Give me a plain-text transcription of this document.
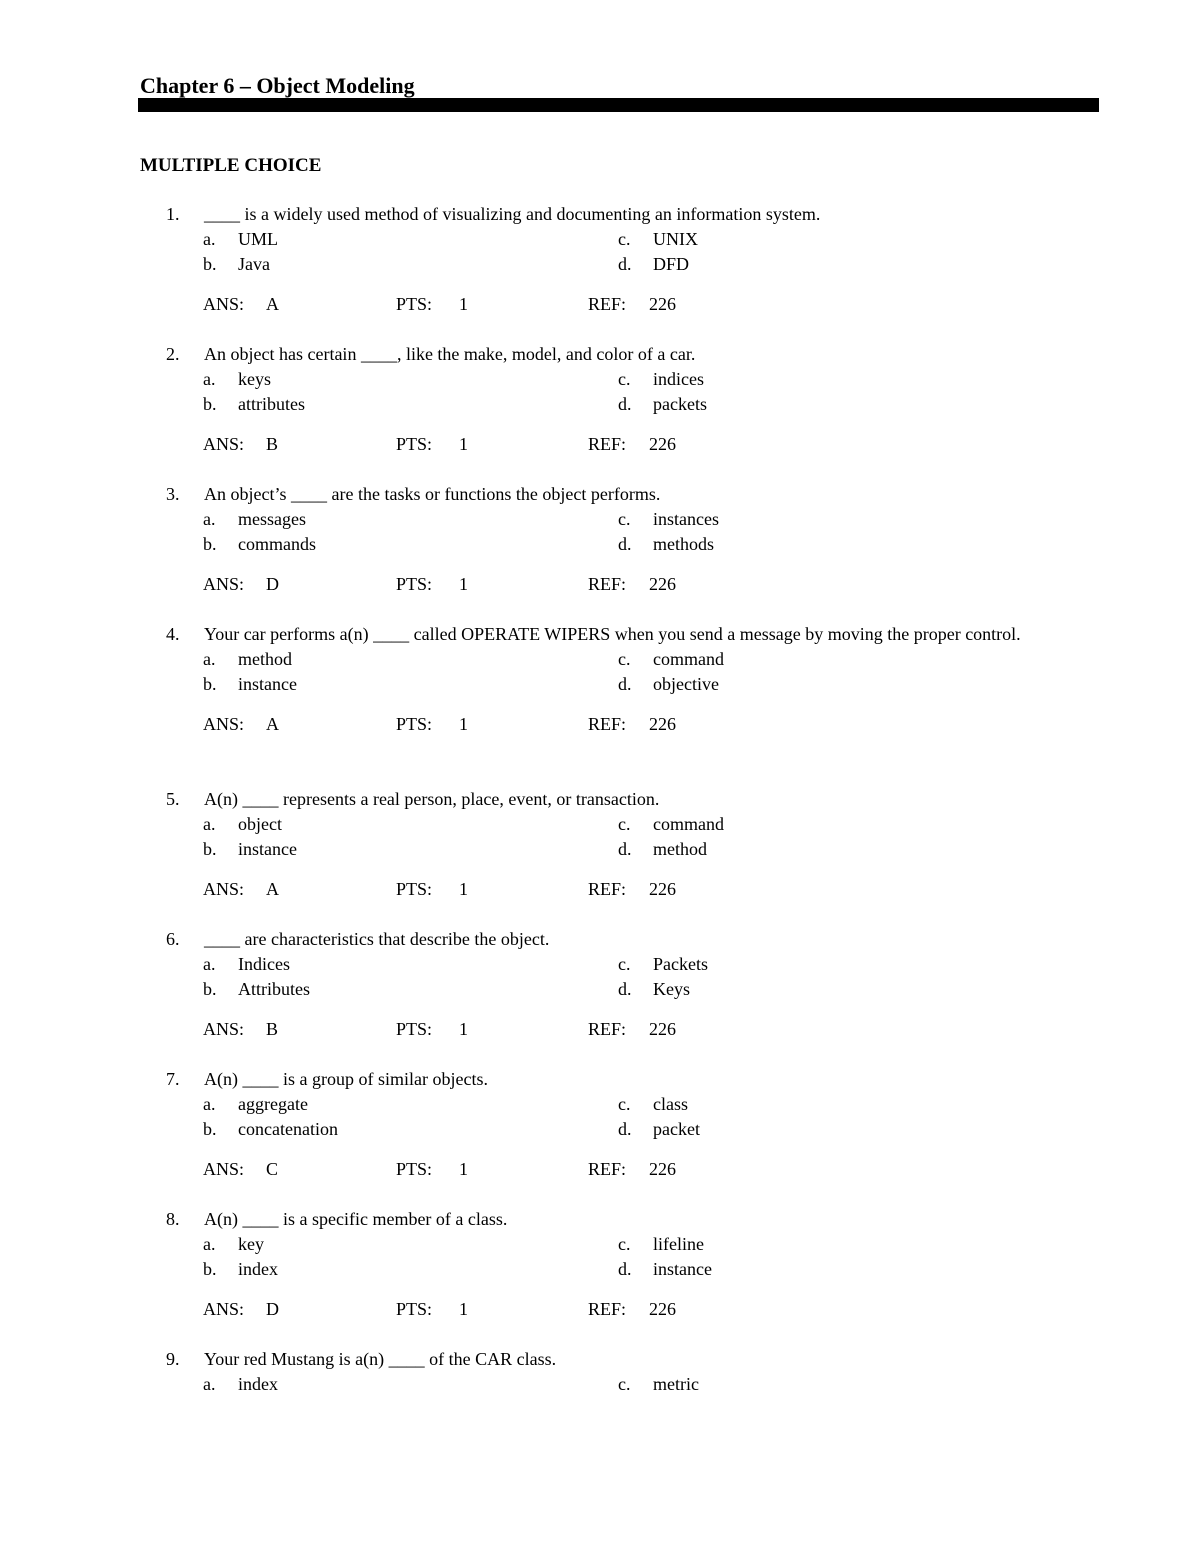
Chapter 6 – Object Modeling
MULTIPLE CHOICE
1.	____ is a widely used method of visualizing and documenting an information system.
a. UML
b. Java
c. UNIX
d. DFD
ANS: A	PTS: 1	REF: 226
2.	An object has certain ____, like the make, model, and color of a car.
a. keys
b. attributes
c. indices
d. packets
ANS: B	PTS: 1	REF: 226
3.	An object’s ____ are the tasks or functions the object performs.
a. messages
b. commands
c. instances
d. methods
ANS: D	PTS: 1	REF: 226
4.	Your car performs a(n) ____ called OPERATE WIPERS when you send a message by moving the proper control.
a. method
b. instance
c. command
d. objective
ANS: A	PTS: 1	REF: 226
5.	A(n) ____ represents a real person, place, event, or transaction.
a. object
b. instance
c. command
d. method
ANS: A	PTS: 1	REF: 226
6.	____ are characteristics that describe the object.
a. Indices
b. Attributes
c. Packets
d. Keys
ANS: B	PTS: 1	REF: 226
7.	A(n) ____ is a group of similar objects.
a. aggregate
b. concatenation
c. class
d. packet
ANS: C	PTS: 1	REF: 226
8.	A(n) ____ is a specific member of a class.
a. key
b. index
c. lifeline
d. instance
ANS: D	PTS: 1	REF: 226
9.	Your red Mustang is a(n) ____ of the CAR class.
a. index	c. metric
